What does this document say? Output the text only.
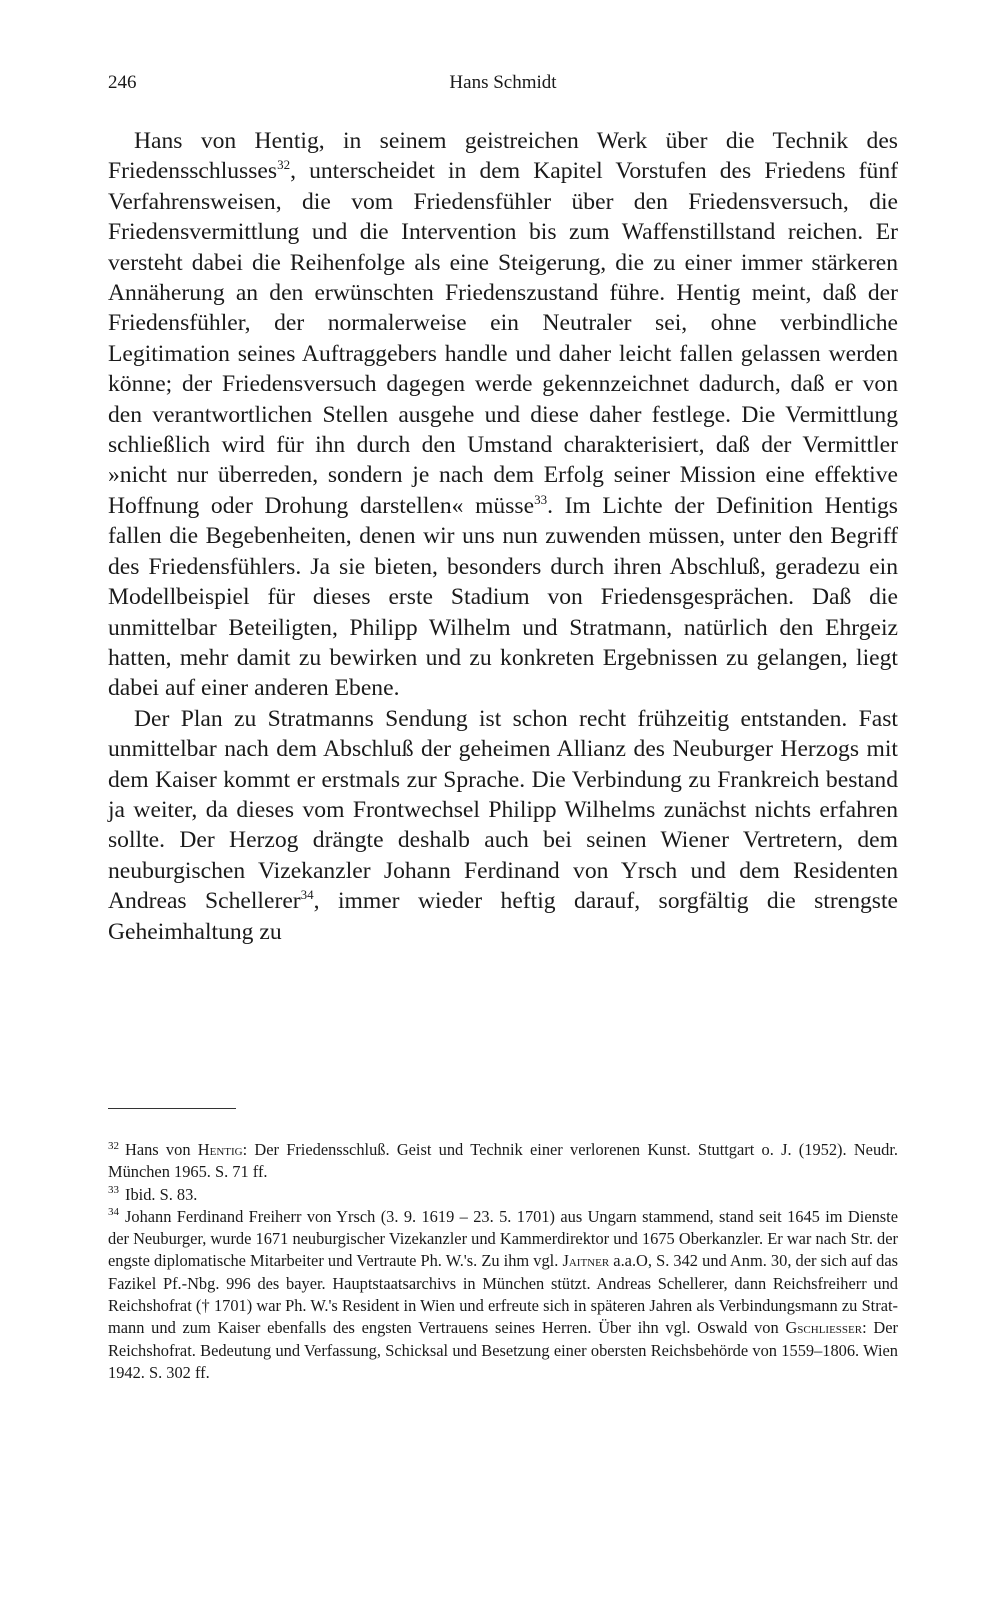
246	Hans Schmidt

Hans von Hentig, in seinem geistreichen Werk über die Technik des Friedensschlusses$^{32}$, unterscheidet in dem Kapitel Vorstufen des Friedens fünf Verfahrensweisen, die vom Friedensfühler über den Friedensversuch, die Friedensvermittlung und die Intervention bis zum Waffenstillstand reichen. Er versteht dabei die Reihenfolge als eine Steigerung, die zu einer immer stärkeren Annäherung an den erwünschten Friedenszustand führe. Hentig meint, daß der Friedensfühler, der normalerweise ein Neutraler sei, ohne verbindliche Legitimation seines Auftraggebers handle und daher leicht fallen gelassen werden könne; der Friedensversuch dagegen werde gekennzeichnet dadurch, daß er von den verantwortlichen Stellen ausgehe und diese daher festlege. Die Vermittlung schließlich wird für ihn durch den Umstand charakterisiert, daß der Vermittler »nicht nur überreden, sondern je nach dem Erfolg seiner Mission eine effektive Hoffnung oder Drohung darstellen« müsse$^{33}$. Im Lichte der Definition Hentigs fallen die Begebenheiten, denen wir uns nun zuwenden müssen, unter den Begriff des Friedensfühlers. Ja sie bieten, besonders durch ihren Abschluß, geradezu ein Modellbeispiel für dieses erste Stadium von Friedensgesprächen. Daß die unmittelbar Beteiligten, Philipp Wilhelm und Stratmann, natürlich den Ehrgeiz hatten, mehr damit zu bewirken und zu konkreten Ergebnissen zu gelangen, liegt dabei auf einer anderen Ebene.

Der Plan zu Stratmanns Sendung ist schon recht frühzeitig entstanden. Fast unmittelbar nach dem Abschluß der geheimen Allianz des Neuburger Herzogs mit dem Kaiser kommt er erstmals zur Sprache. Die Verbindung zu Frankreich bestand ja weiter, da dieses vom Frontwechsel Philipp Wilhelms zunächst nichts erfahren sollte. Der Herzog drängte deshalb auch bei seinen Wiener Vertretern, dem neuburgischen Vizekanzler Johann Ferdinand von Yrsch und dem Residenten Andreas Schellerer$^{34}$, immer wieder heftig darauf, sorgfältig die strengste Geheimhaltung zu

$^{32}$ Hans von Hentig: Der Friedensschluß. Geist und Technik einer verlorenen Kunst. Stuttgart o. J. (1952). Neudr. München 1965. S. 71 ff.

$^{33}$ Ibid. S. 83.

$^{34}$ Johann Ferdinand Freiherr von Yrsch (3. 9. 1619 – 23. 5. 1701) aus Ungarn stammend, stand seit 1645 im Dienste der Neuburger, wurde 1671 neuburgischer Vizekanzler und Kammerdirektor und 1675 Oberkanzler. Er war nach Str. der engste diplomatische Mitarbeiter und Vertraute Ph. W.'s. Zu ihm vgl. Jaitner a.a.O, S. 342 und Anm. 30, der sich auf das Fazikel Pf.-Nbg. 996 des bayer. Hauptstaatsarchivs in München stützt. Andreas Schellerer, dann Reichsfreiherr und Reichshofrat († 1701) war Ph. W.'s Resident in Wien und erfreute sich in späteren Jahren als Verbindungsmann zu Stratmann und zum Kaiser ebenfalls des engsten Vertrauens seines Herren. Über ihn vgl. Oswald von Gschliesser: Der Reichshofrat. Bedeutung und Verfassung, Schicksal und Besetzung einer obersten Reichsbehörde von 1559–1806. Wien 1942. S. 302 ff.
